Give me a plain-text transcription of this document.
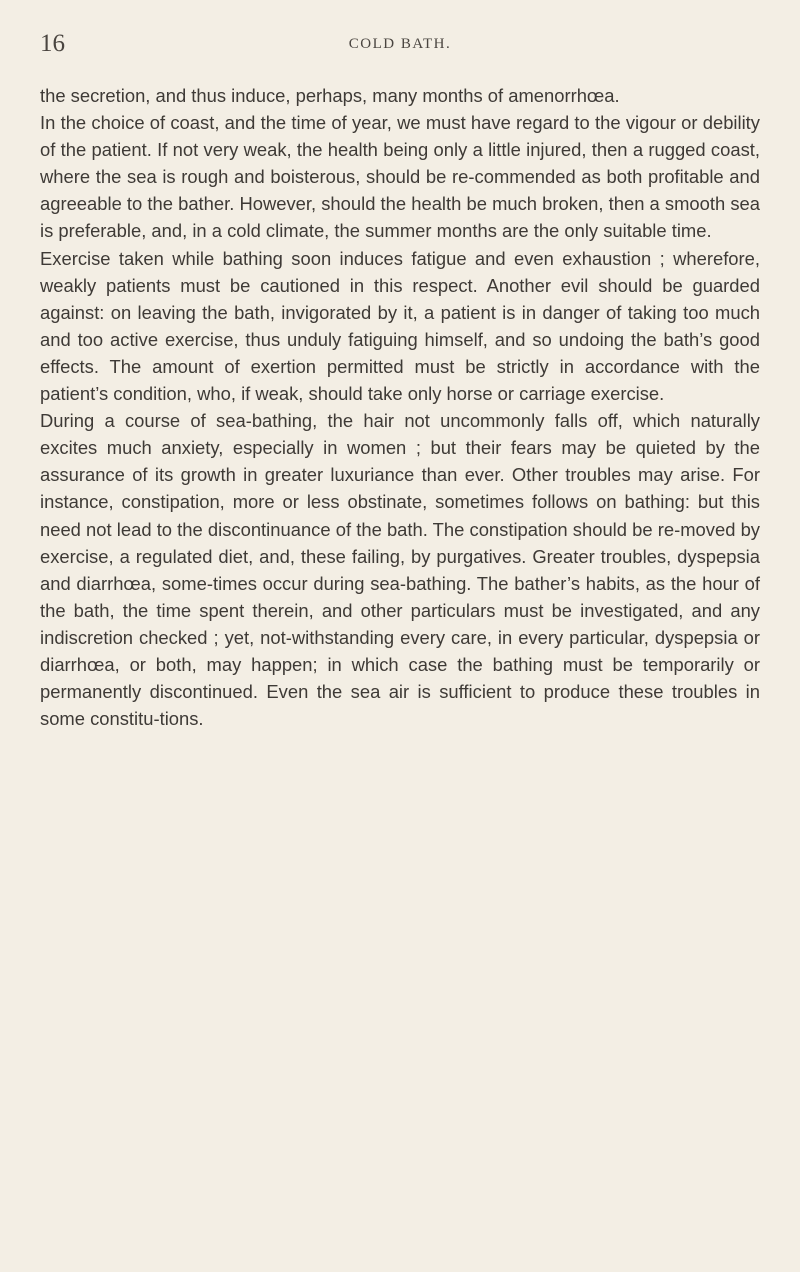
16	COLD BATH.

the secretion, and thus induce, perhaps, many months of amenorrhœa.

In the choice of coast, and the time of year, we must have regard to the vigour or debility of the patient. If not very weak, the health being only a little injured, then a rugged coast, where the sea is rough and boisterous, should be re-commended as both profitable and agreeable to the bather. However, should the health be much broken, then a smooth sea is preferable, and, in a cold climate, the summer months are the only suitable time.

Exercise taken while bathing soon induces fatigue and even exhaustion ; wherefore, weakly patients must be cautioned in this respect. Another evil should be guarded against: on leaving the bath, invigorated by it, a patient is in danger of taking too much and too active exercise, thus unduly fatiguing himself, and so undoing the bath’s good effects. The amount of exertion permitted must be strictly in accordance with the patient’s condition, who, if weak, should take only horse or carriage exercise.

During a course of sea-bathing, the hair not uncommonly falls off, which naturally excites much anxiety, especially in women ; but their fears may be quieted by the assurance of its growth in greater luxuriance than ever. Other troubles may arise. For instance, constipation, more or less obstinate, sometimes follows on bathing: but this need not lead to the discontinuance of the bath. The constipation should be re-moved by exercise, a regulated diet, and, these failing, by purgatives. Greater troubles, dyspepsia and diarrhœa, some-times occur during sea-bathing. The bather’s habits, as the hour of the bath, the time spent therein, and other particulars must be investigated, and any indiscretion checked ; yet, not-withstanding every care, in every particular, dyspepsia or diarrhœa, or both, may happen; in which case the bathing must be temporarily or permanently discontinued. Even the sea air is sufficient to produce these troubles in some constitu-tions.
